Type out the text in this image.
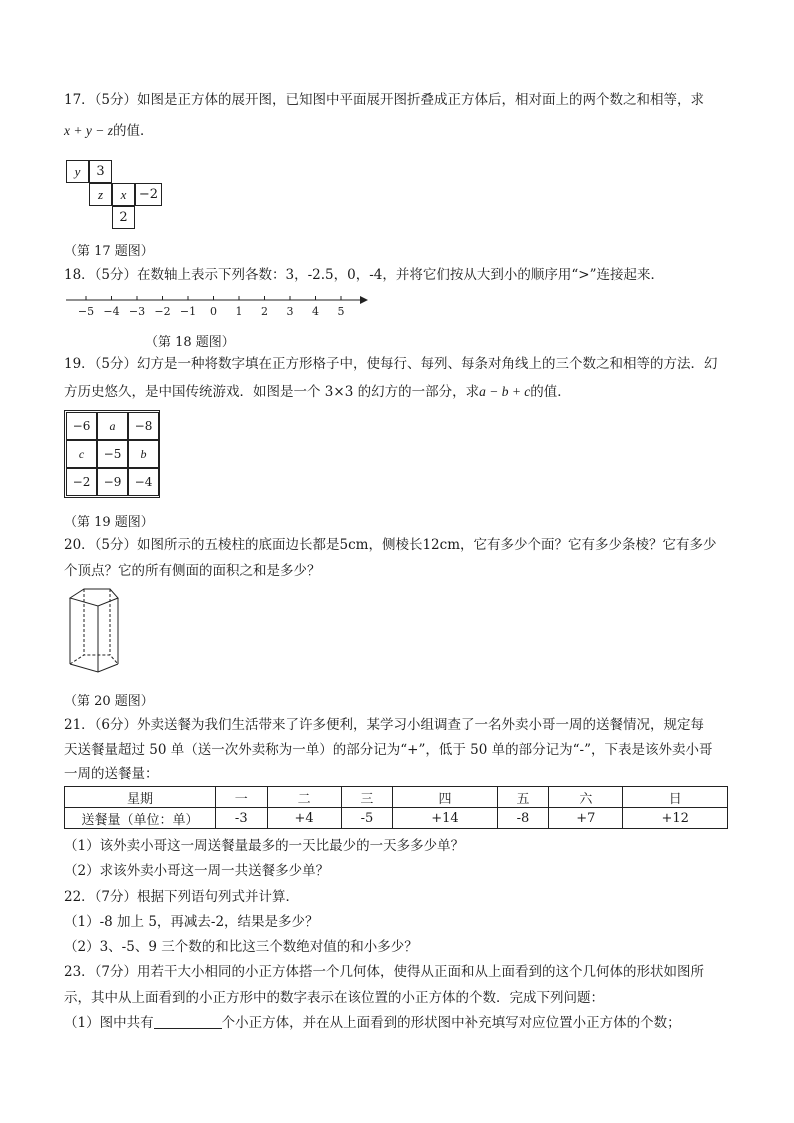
17．（5分）如图是正方体的展开图，已知图中平面展开图折叠成正方体后，相对面上的两个数之和相等，求
x + y − z的值．
y	3
z	x −2
2
（第 17 题图）
18．（5分）在数轴上表示下列各数：3，-2.5，0，-4，并将它们按从大到小的顺序用“>”连接起来．
−5 −4 −3 −2 −1 0 1 2 3 4 5
（第 18 题图）
19．（5分）幻方是一种将数字填在正方形格子中，使每行、每列、每条对角线上的三个数之和相等的方法．幻
方历史悠久，是中国传统游戏．如图是一个 3×3 的幻方的一部分，求a − b + c的值．
−6	a	−8
c	−5	b
−2	−9	−4
（第 19 题图）
20．（5分）如图所示的五棱柱的底面边长都是5cm，侧棱长12cm，它有多少个面？它有多少条棱？它有多少
个顶点？它的所有侧面的面积之和是多少？
（第 20 题图）
21．（6分）外卖送餐为我们生活带来了许多便利，某学习小组调查了一名外卖小哥一周的送餐情况，规定每
天送餐量超过 50 单（送一次外卖称为一单）的部分记为“+”，低于 50 单的部分记为“-”，下表是该外卖小哥
一周的送餐量：
星期	一	二	三	四	五	六	日
送餐量（单位：单）	-3	+4	-5	+14	-8	+7	+12
（1）该外卖小哥这一周送餐量最多的一天比最少的一天多多少单？
（2）求该外卖小哥这一周一共送餐多少单？
22．（7分）根据下列语句列式并计算．
（1）-8 加上 5，再减去-2，结果是多少？
（2）3、-5、9 三个数的和比这三个数绝对值的和小多少？
23．（7分）用若干大小相同的小正方体搭一个几何体，使得从正面和从上面看到的这个几何体的形状如图所
示，其中从上面看到的小正方形中的数字表示在该位置的小正方体的个数．完成下列问题：
（1）图中共有	个小正方体，并在从上面看到的形状图中补充填写对应位置小正方体的个数；
